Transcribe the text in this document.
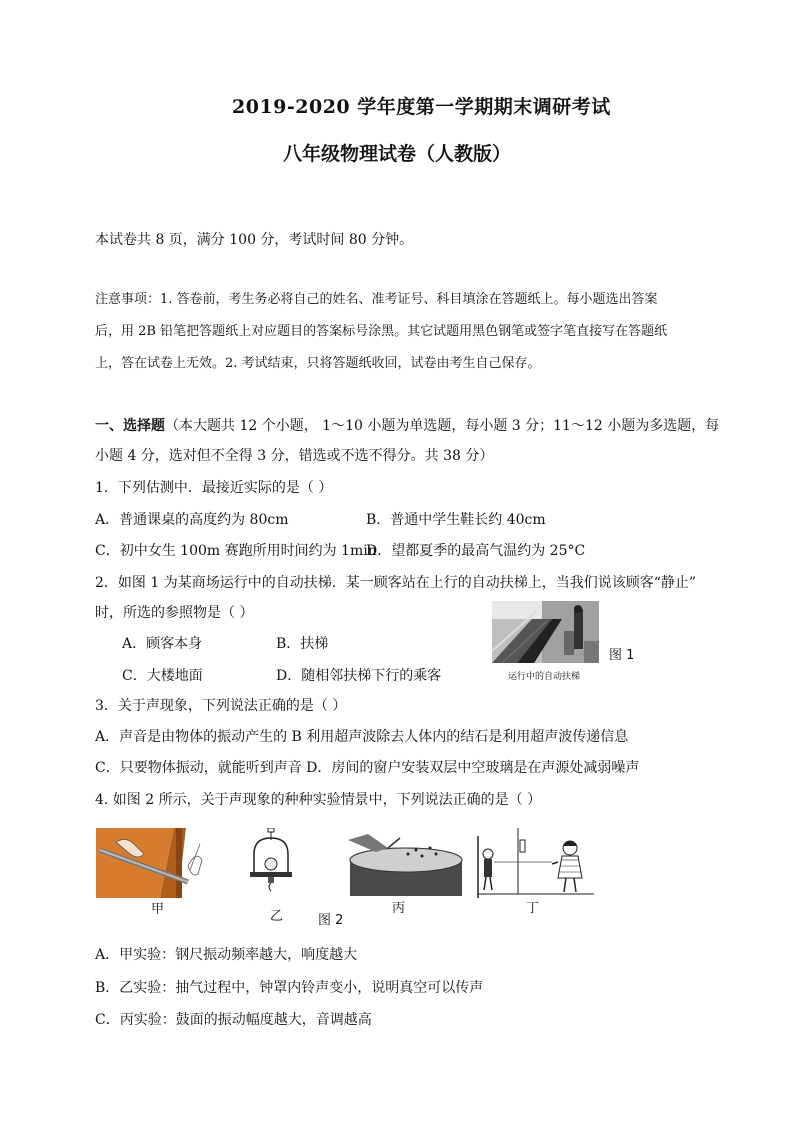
2019-2020 学年度第一学期期末调研考试
八年级物理试卷（人教版）
本试卷共 8 页，满分 100 分，考试时间 80 分钟。
注意事项：1. 答卷前，考生务必将自己的姓名、准考证号、科目填涂在答题纸上。每小题选出答案
后，用 2B 铅笔把答题纸上对应题目的答案标号涂黑。其它试题用黑色钢笔或签字笔直接写在答题纸
上，答在试卷上无效。2. 考试结束，只将答题纸收回，试卷由考生自己保存。
一、选择题（本大题共 12 个小题， 1～10 小题为单选题，每小题 3 分；11～12 小题为多选题，每
小题 4 分，选对但不全得 3 分，错选或不选不得分。共 38 分）
1．下列估测中．最接近实际的是（ ）
A．普通课桌的高度约为 80cm	B．普通中学生鞋长约 40cm
C．初中女生 100m 赛跑所用时间约为 1min
D．望都夏季的最高气温约为 25°C
2．如图 1 为某商场运行中的自动扶梯．某一顾客站在上行的自动扶梯上，当我们说该顾客“静止”
时，所选的参照物是（ ）
A．顾客本身	B．扶梯
C．大楼地面	D．随相邻扶梯下行的乘客
图 1
运行中的自动扶梯
3．关于声现象，下列说法正确的是（ ）
A．声音是由物体的振动产生的 B 利用超声波除去人体内的结石是利用超声波传递信息
C．只要物体振动，就能听到声音 D．房间的窗户安装双层中空玻璃是在声源处减弱噪声
4. 如图 2 所示，关于声现象的种种实验情景中，下列说法正确的是（ ）
甲	乙	图 2
丙	丁
A．甲实验：钢尺振动频率越大，响度越大
B．乙实验：抽气过程中，钟罩内铃声变小，说明真空可以传声
C．丙实验：鼓面的振动幅度越大，音调越高
